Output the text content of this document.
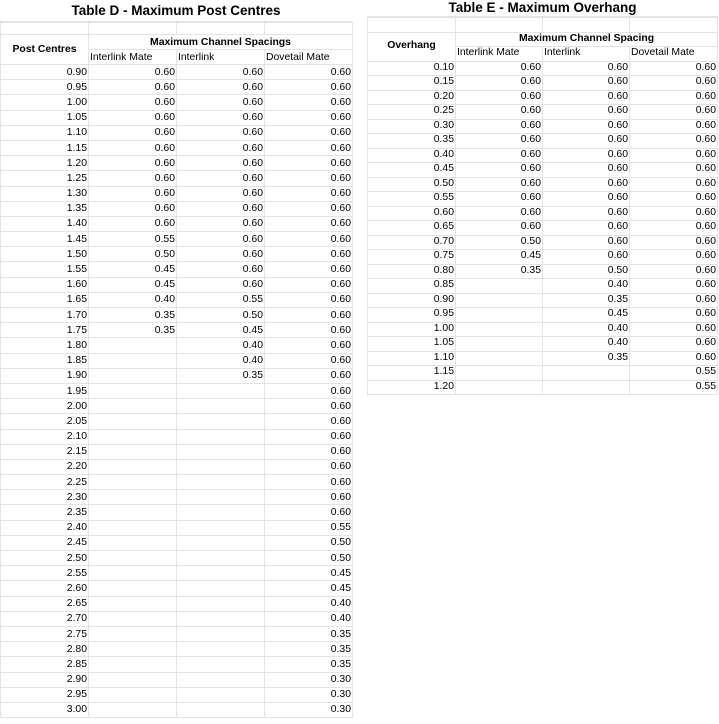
Table D - Maximum Post Centres

Post Centres	Maximum Channel Spacings		
	Interlink Mate	Interlink	Dovetail Mate
0.90	0.60	0.60	0.60
0.95	0.60	0.60	0.60
1.00	0.60	0.60	0.60
1.05	0.60	0.60	0.60
1.10	0.60	0.60	0.60
1.15	0.60	0.60	0.60
1.20	0.60	0.60	0.60
1.25	0.60	0.60	0.60
1.30	0.60	0.60	0.60
1.35	0.60	0.60	0.60
1.40	0.60	0.60	0.60
1.45	0.55	0.60	0.60
1.50	0.50	0.60	0.60
1.55	0.45	0.60	0.60
1.60	0.45	0.60	0.60
1.65	0.40	0.55	0.60
1.70	0.35	0.50	0.60
1.75	0.35	0.45	0.60
1.80		0.40	0.60
1.85		0.40	0.60
1.90		0.35	0.60
1.95			0.60
2.00			0.60
2.05			0.60
2.10			0.60
2.15			0.60
2.20			0.60
2.25			0.60
2.30			0.60
2.35			0.60
2.40			0.55
2.45			0.50
2.50			0.50
2.55			0.45
2.60			0.45
2.65			0.40
2.70			0.40
2.75			0.35
2.80			0.35
2.85			0.35
2.90			0.30
2.95			0.30
3.00			0.30
Table E - Maximum Overhang

Overhang	Maximum Channel Spacing		
	Interlink Mate	Interlink	Dovetail Mate
0.10	0.60	0.60	0.60
0.15	0.60	0.60	0.60
0.20	0.60	0.60	0.60
0.25	0.60	0.60	0.60
0.30	0.60	0.60	0.60
0.35	0.60	0.60	0.60
0.40	0.60	0.60	0.60
0.45	0.60	0.60	0.60
0.50	0.60	0.60	0.60
0.55	0.60	0.60	0.60
0.60	0.60	0.60	0.60
0.65	0.60	0.60	0.60
0.70	0.50	0.60	0.60
0.75	0.45	0.60	0.60
0.80	0.35	0.50	0.60
0.85		0.40	0.60
0.90		0.35	0.60
0.95		0.45	0.60
1.00		0.40	0.60
1.05		0.40	0.60
1.10		0.35	0.60
1.15			0.55
1.20			0.55
